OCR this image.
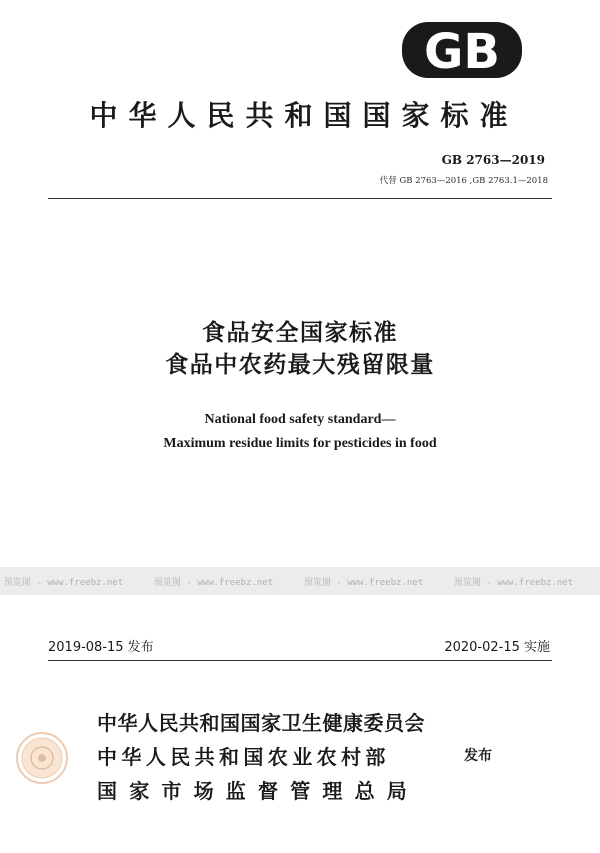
GB
中华人民共和国国家标准
GB 2763—2019
代替 GB 2763—2016 ,GB 2763.1—2018
食品安全国家标准
食品中农药最大残留限量
National food safety standard—
Maximum residue limits for pesticides in food
预览图 - www.freebz.net	预览图 - www.freebz.net	预览图 - www.freebz.net	预览图 - www.freebz.net
2019-08-15 发布	2020-02-15 实施
中华人民共和国国家卫生健康委员会
中华人民共和国农业农村部
国家市场监督管理总局
发布
